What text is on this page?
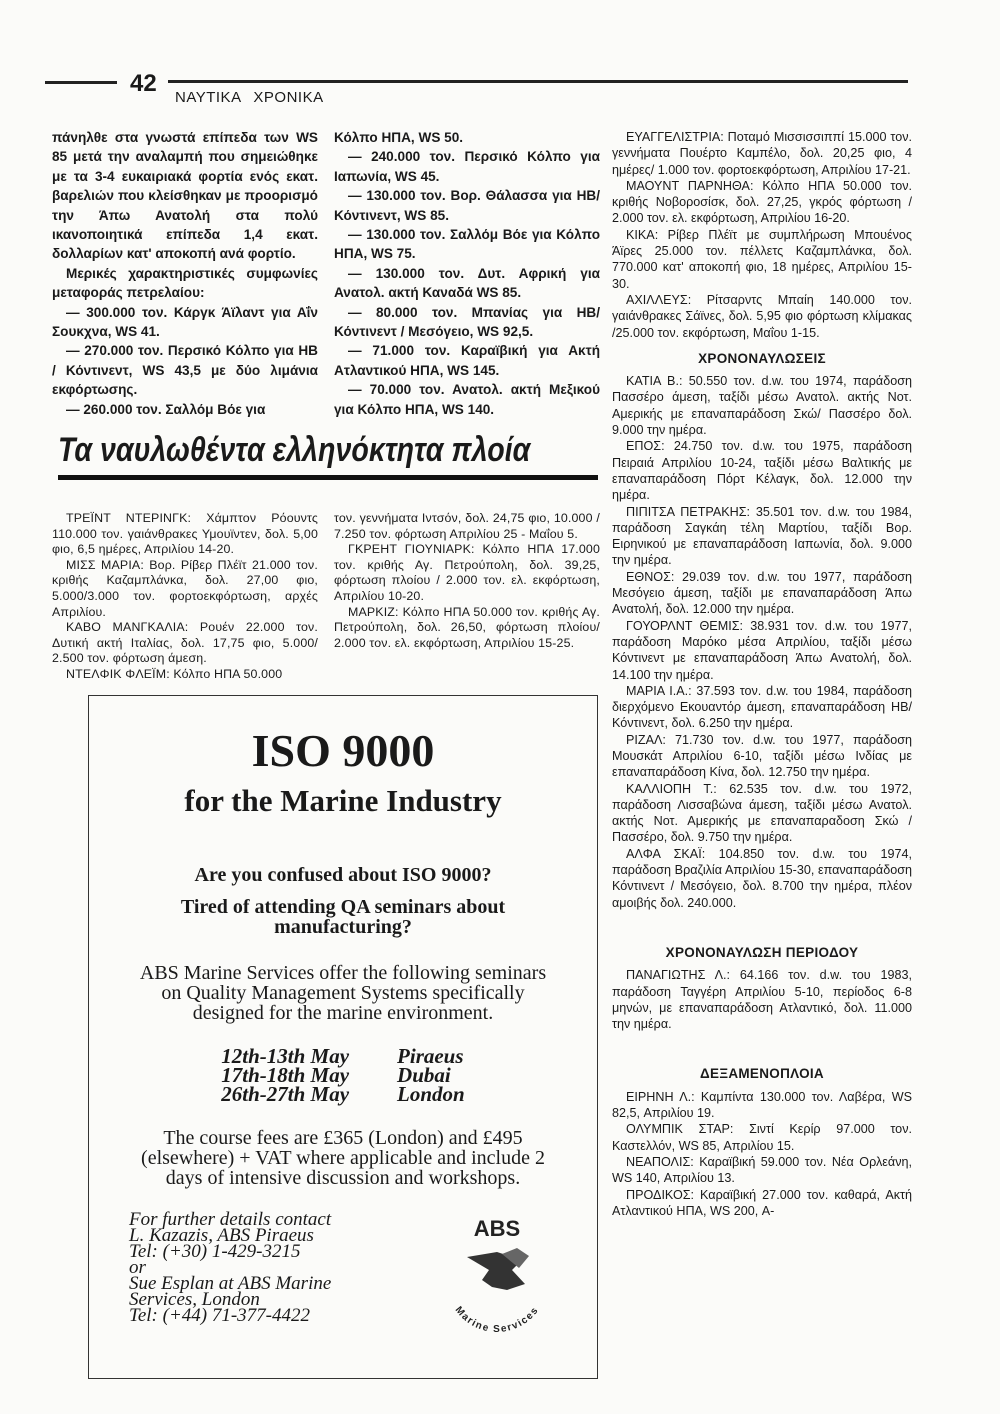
42
ΝΑΥΤΙΚΑ ΧΡΟΝΙΚΑ

πάνηλθε στα γνωστά επίπεδα των WS 85 μετά την αναλαμπή που σημειώθηκε με τα 3-4 ευκαιριακά φορτία ενός εκατ. βαρελιών που κλείσθηκαν με προορισμό την Άπω Ανατολή στα πολύ ικανοποιητικά επίπεδα 1,4 εκατ. δολλαρίων κατ' αποκοπή ανά φορτίο.

Μερικές χαρακτηριστικές συμφωνίες μεταφοράς πετρελαίου:

— 300.000 τον. Κάργκ Άϊλαντ για Αΐν Σουκχνα, WS 41.

— 270.000 τον. Περσικό Κόλπο για ΗΒ / Κόντινεντ, WS 43,5 με δύο λιμάνια εκφόρτωσης.

— 260.000 τον. Σαλλόμ Βόε για

Κόλπο ΗΠΑ, WS 50.

— 240.000 τον. Περσικό Κόλπο για Ιαπωνία, WS 45.

— 130.000 τον. Βορ. Θάλασσα για ΗΒ/ Κόντινεντ, WS 85.

— 130.000 τον. Σαλλόμ Βόε για Κόλπο ΗΠΑ, WS 75.

— 130.000 τον. Δυτ. Αφρική για Ανατολ. ακτή Καναδά WS 85.

— 80.000 τον. Μπανίας για ΗΒ/ Κόντινεντ / Μεσόγειο, WS 92,5.

— 71.000 τον. Καραϊβική για Ακτή Ατλαντικού ΗΠΑ, WS 145.

— 70.000 τον. Ανατολ. ακτή Μεξικού για Κόλπο ΗΠΑ, WS 140.

Τα ναυλωθέντα ελληνόκτητα πλοία

ΤΡΕΪΝΤ ΝΤΕΡΙΝΓΚ: Χάμπτον Ρόουντς 110.000 τον. γαιάνθρακες Υμουϊντεν, δολ. 5,00 φιο, 6,5 ημέρες, Απριλίου 14-20.

ΜΙΣΣ ΜΑΡΙΑ: Βορ. Ρίβερ Πλέϊτ 21.000 τον. κριθής Καζαμπλάνκα, δολ. 27,00 φιο, 5.000/3.000 τον. φορτοεκφόρτωση, αρχές Απριλίου.

ΚΑΒΟ ΜΑΝΓΚΑΛΙΑ: Ρουέν 22.000 τον. Δυτική ακτή Ιταλίας, δολ. 17,75 φιο, 5.000/ 2.500 τον. φόρτωση άμεση.

ΝΤΕΛΦΙΚ ΦΛΕΪΜ: Κόλπο ΗΠΑ 50.000

τον. γεννήματα Ιντσόν, δολ. 24,75 φιο, 10.000 / 7.250 τον. φόρτωση Απριλίου 25 - Μαΐου 5.

ΓΚΡΕΗΤ ΓΙΟΥΝΙΑΡΚ: Κόλπο ΗΠΑ 17.000 τον. κριθής Αγ. Πετρούπολη, δολ. 39,25, φόρτωση πλοίου / 2.000 τον. ελ. εκφόρτωση, Απριλίου 10-20.

ΜΑΡΚΙΖ: Κόλπο ΗΠΑ 50.000 τον. κριθής Αγ. Πετρούπολη, δολ. 26,50, φόρτωση πλοίου/ 2.000 τον. ελ. εκφόρτωση, Απριλίου 15-25.

ISO 9000
for the Marine Industry
Are you confused about ISO 9000?
Tired of attending QA seminars about manufacturing?
ABS Marine Services offer the following seminars on Quality Management Systems specifically designed for the marine environment.
12th-13th May	Piraeus
17th-18th May	Dubai
26th-27th May	London
The course fees are £365 (London) and £495 (elsewhere) + VAT where applicable and include 2 days of intensive discussion and workshops.
For further details contact
L. Kazazis, ABS Piraeus
Tel: (+30) 1-429-3215
or
Sue Esplan at ABS Marine
Services, London
Tel: (+44) 71-377-4422
ABS
Marine Services

ΕΥΑΓΓΕΛΙΣΤΡΙΑ: Ποταμό Μισσισσιππί 15.000 τον. γεννήματα Πουέρτο Καμπέλο, δολ. 20,25 φιο, 4 ημέρες/ 1.000 τον. φορτοεκφόρτωση, Απριλίου 17-21.

ΜΑΟΥΝΤ ΠΑΡΝΗΘΑ: Κόλπο ΗΠΑ 50.000 τον. κριθής Νοβοροσίσκ, δολ. 27,25, γκρός φόρτωση / 2.000 τον. ελ. εκφόρτωση, Απριλίου 16-20.

ΚΙΚΑ: Ρίβερ Πλέϊτ με συμπλήρωση Μπουένος Άϊρες 25.000 τον. πέλλετς Καζαμπλάνκα, δολ. 770.000 κατ' αποκοπή φιο, 18 ημέρες, Απριλίου 15-30.

ΑΧΙΛΛΕΥΣ: Ρίτσαρντς Μπαίη 140.000 τον. γαιάνθρακες Σάϊνες, δολ. 5,95 φιο φόρτωση κλίμακας /25.000 τον. εκφόρτωση, Μαΐου 1-15.

ΧΡΟΝΟΝΑΥΛΩΣΕΙΣ

ΚΑΤΙΑ Β.: 50.550 τον. d.w. του 1974, παράδοση Πασσέρο άμεση, ταξίδι μέσω Ανατολ. ακτής Νοτ. Αμερικής με επαναπαράδοση Σκώ/ Πασσέρο δολ. 9.000 την ημέρα.

ΕΠΟΣ: 24.750 τον. d.w. του 1975, παράδοση Πειραιά Απριλίου 10-24, ταξίδι μέσω Βαλτικής με επαναπαράδοση Πόρτ Κέλαγκ, δολ. 12.000 την ημέρα.

ΠΙΠΙΤΣΑ ΠΕΤΡΑΚΗΣ: 35.501 τον. d.w. του 1984, παράδοση Σαγκάη τέλη Μαρτίου, ταξίδι Βορ. Ειρηνικού με επαναπαράδοση Ιαπωνία, δολ. 9.000 την ημέρα.

ΕΘΝΟΣ: 29.039 τον. d.w. του 1977, παράδοση Μεσόγειο άμεση, ταξίδι με επαναπαράδοση Άπω Ανατολή, δολ. 12.000 την ημέρα.

ΓΟΥΟΡΛΝΤ ΘΕΜΙΣ: 38.931 τον. d.w. του 1977, παράδοση Μαρόκο μέσα Απριλίου, ταξίδι μέσω Κόντινεντ με επαναπαράδοση Άπω Ανατολή, δολ. 14.100 την ημέρα.

ΜΑΡΙΑ Ι.Α.: 37.593 τον. d.w. του 1984, παράδοση διερχόμενο Εκουαντόρ άμεση, επαναπαράδοση ΗΒ/ Κόντινεντ, δολ. 6.250 την ημέρα.

ΡΙΖΑΛ: 71.730 τον. d.w. του 1977, παράδοση Μουσκάτ Απριλίου 6-10, ταξίδι μέσω Ινδίας με επαναπαράδοση Κίνα, δολ. 12.750 την ημέρα.

ΚΑΛΛΙΟΠΗ Τ.: 62.535 τον. d.w. του 1972, παράδοση Λισσαβώνα άμεση, ταξίδι μέσω Ανατολ. ακτής Νοτ. Αμερικής με επαναπαραδοση Σκώ / Πασσέρο, δολ. 9.750 την ημέρα.

ΑΛΦΑ ΣΚΑΪ: 104.850 τον. d.w. του 1974, παράδοση Βραζιλία Απριλίου 15-30, επαναπαράδοση Κόντινεντ / Μεσόγειο, δολ. 8.700 την ημέρα, πλέον αμοιβής δολ. 240.000.

ΧΡΟΝΟΝΑΥΛΩΣΗ ΠΕΡΙΟΔΟΥ

ΠΑΝΑΓΙΩΤΗΣ Λ.: 64.166 τον. d.w. του 1983, παράδοση Ταγγέρη Απριλίου 5-10, περίοδος 6-8 μηνών, με επαναπαράδοση Ατλαντικό, δολ. 11.000 την ημέρα.

ΔΕΞΑΜΕΝΟΠΛΟΙΑ

ΕΙΡΗΝΗ Λ.: Καμπίντα 130.000 τον. Λαβέρα, WS 82,5, Απριλίου 19.

ΟΛΥΜΠΙΚ ΣΤΑΡ: Σιντί Κερίρ 97.000 τον. Καστελλόν, WS 85, Απριλίου 15.

ΝΕΑΠΟΛΙΣ: Καραϊβική 59.000 τον. Νέα Ορλεάνη, WS 140, Απριλίου 13.

ΠΡΟΔΙΚΟΣ: Καραϊβική 27.000 τον. καθαρά, Ακτή Ατλαντικού ΗΠΑ, WS 200, Α-
